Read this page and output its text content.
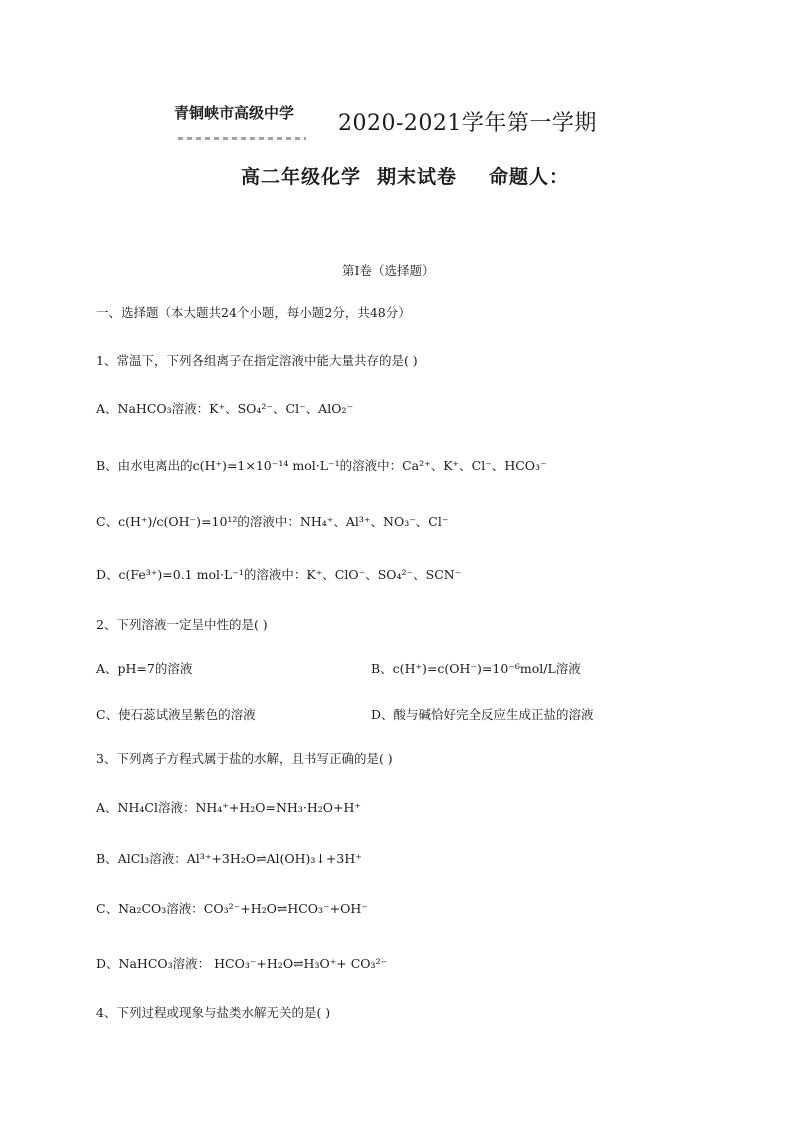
青铜峡市高级中学 2020-2021学年第一学期
高二年级化学 期末试卷 命题人：
第Ⅰ卷（选择题）
一、选择题（本大题共24个小题，每小题2分，共48分）
1、常温下，下列各组离子在指定溶液中能大量共存的是( )
A、NaHCO₃溶液：K⁺、SO₄²⁻、Cl⁻、AlO₂⁻
B、由水电离出的c(H⁺)=1×10⁻¹⁴ mol·L⁻¹的溶液中：Ca²⁺、K⁺、Cl⁻、HCO₃⁻
C、c(H⁺)/c(OH⁻)=10¹²的溶液中：NH₄⁺、Al³⁺、NO₃⁻、Cl⁻
D、c(Fe³⁺)=0.1 mol·L⁻¹的溶液中：K⁺、ClO⁻、SO₄²⁻、SCN⁻
2、下列溶液一定呈中性的是( )
A、pH=7的溶液	B、c(H⁺)=c(OH⁻)=10⁻⁶mol/L溶液
C、使石蕊试液呈紫色的溶液	D、酸与碱恰好完全反应生成正盐的溶液
3、下列离子方程式属于盐的水解，且书写正确的是( )
A、NH₄Cl溶液：NH₄⁺+H₂O=NH₃·H₂O+H⁺
B、AlCl₃溶液：Al³⁺+3H₂O⇌Al(OH)₃↓+3H⁺
C、Na₂CO₃溶液：CO₃²⁻+H₂O⇌HCO₃⁻+OH⁻
D、NaHCO₃溶液： HCO₃⁻+H₂O⇌H₃O⁺+ CO₃²⁻
4、下列过程或现象与盐类水解无关的是( )
